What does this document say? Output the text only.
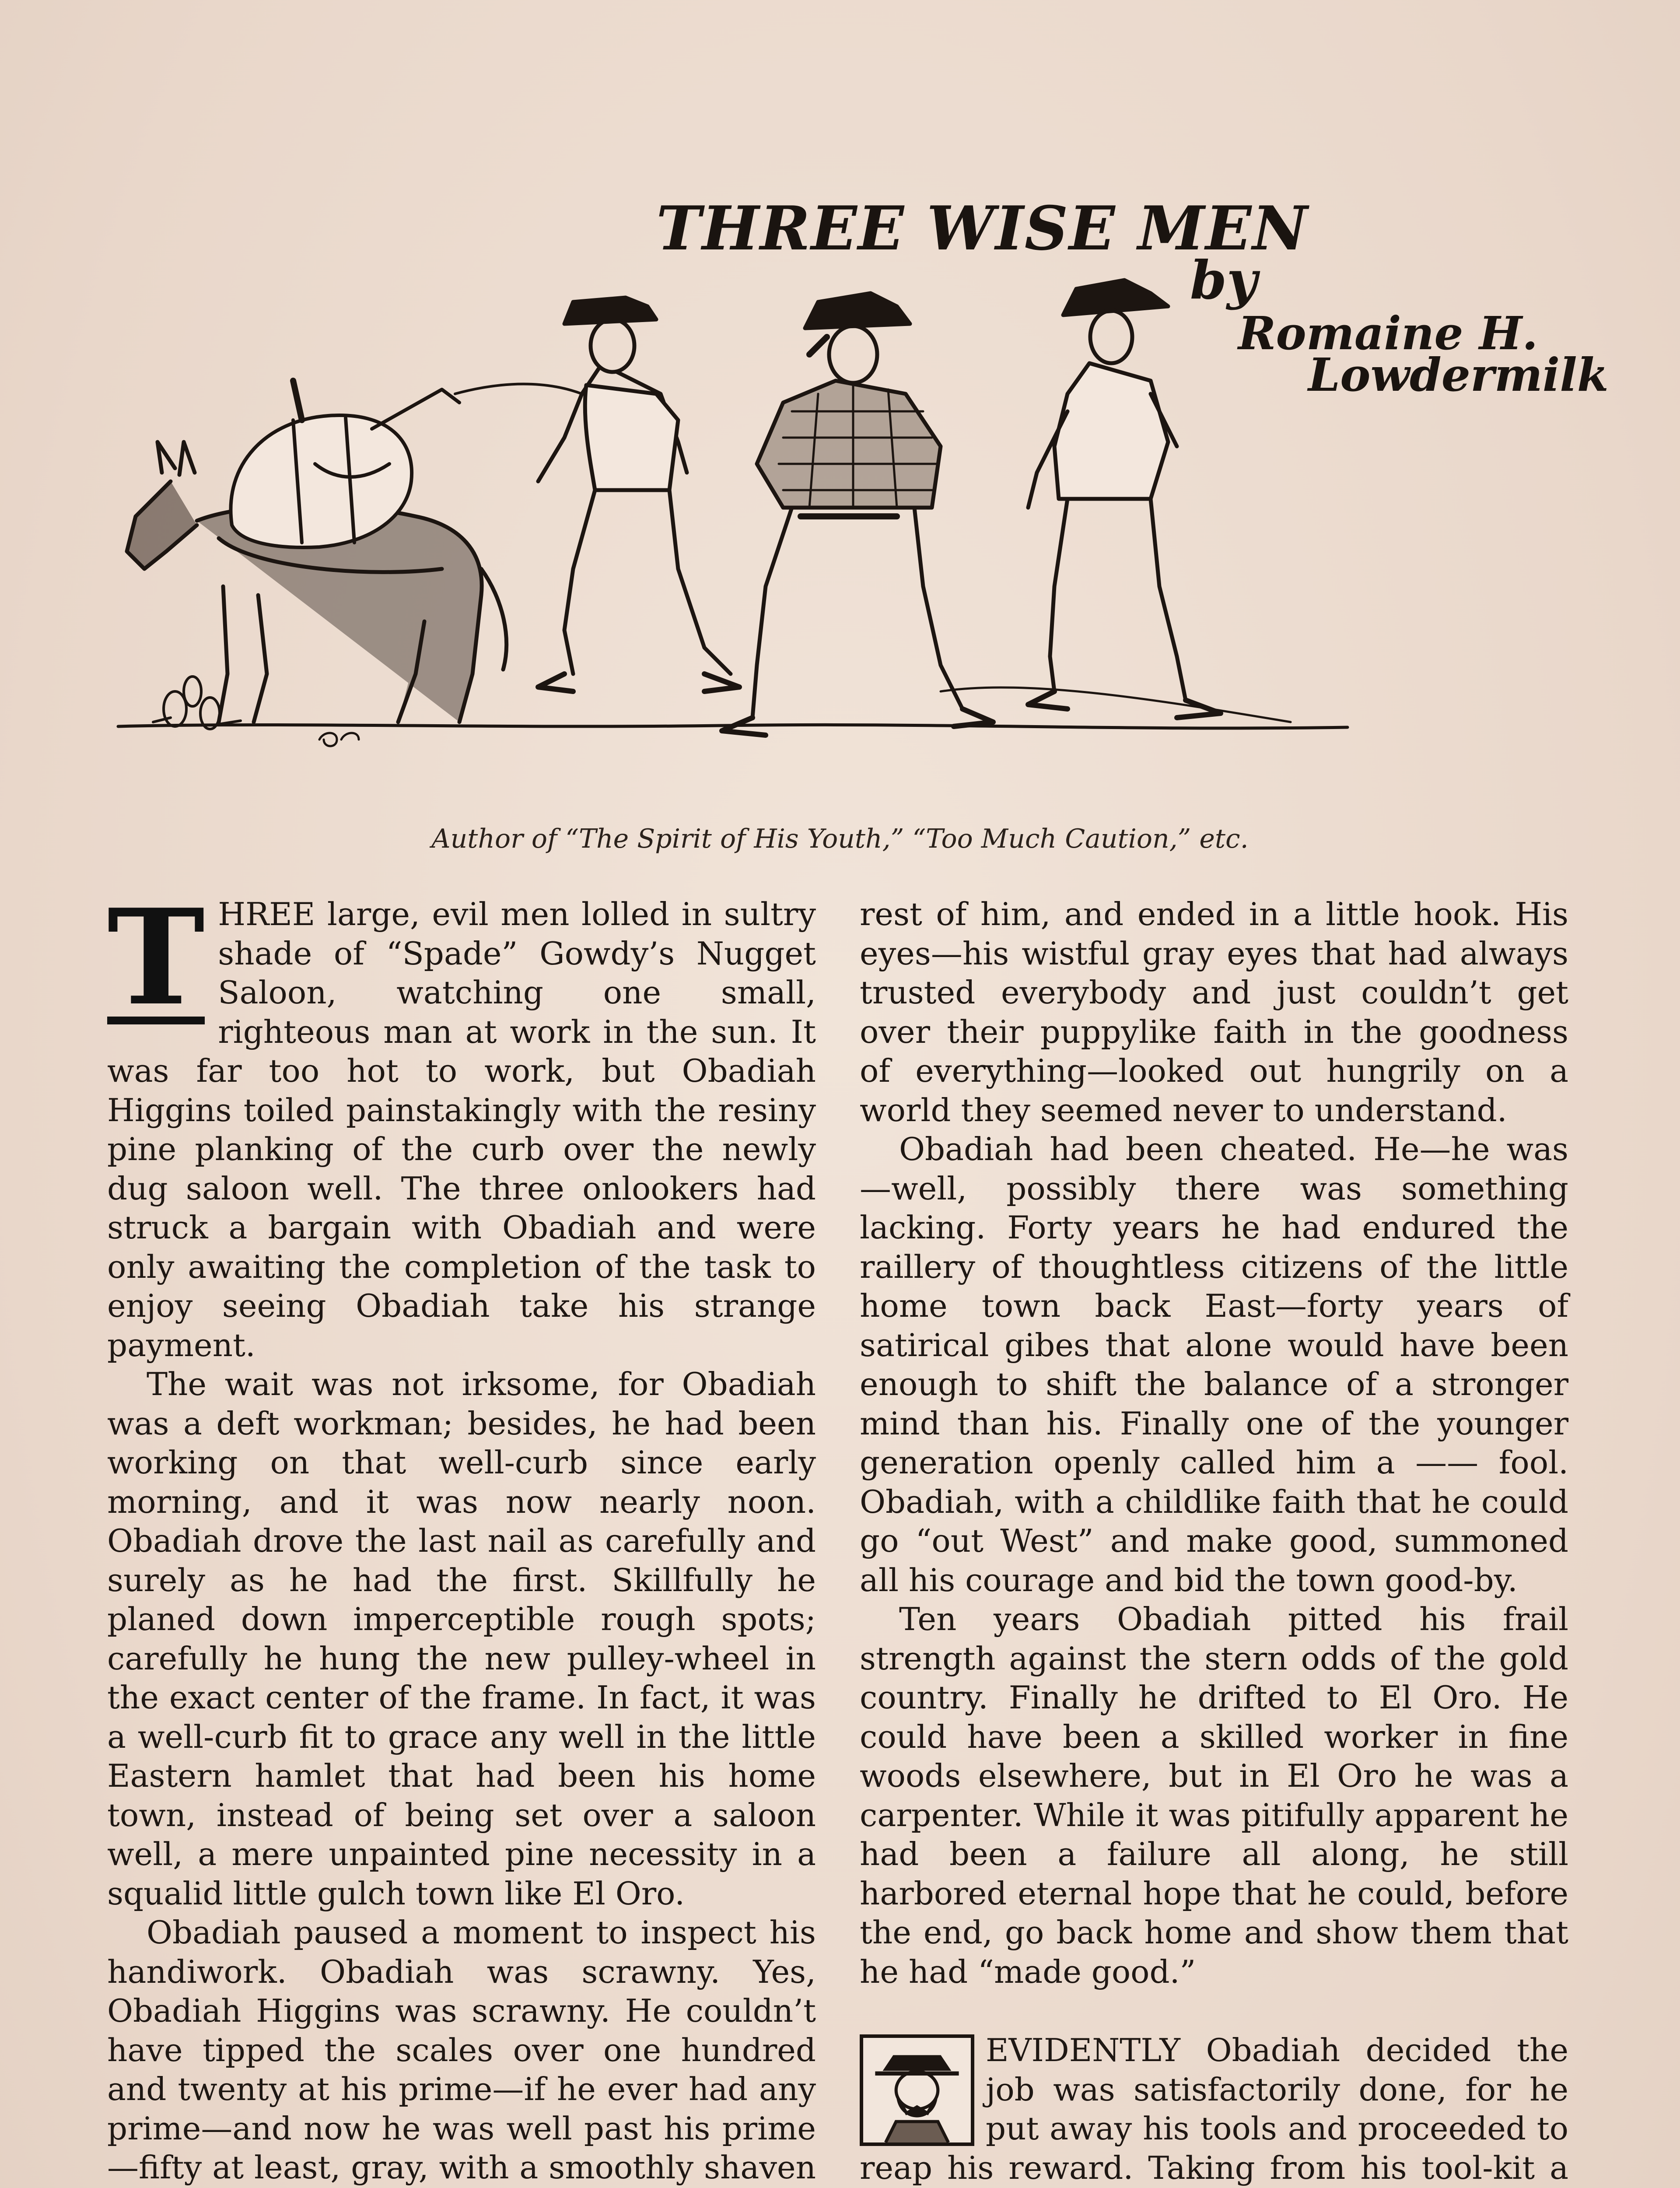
THREE WISE MEN
by
Romaine H.
Lowdermilk
Author of “The Spirit of His Youth,” “Too Much Caution,” etc.

T HREE large, evil men lolled in sultry shade of “Spade” Gowdy’s Nugget Saloon, watching one small, righteous man at work in the sun. It was far too hot to work, but Obadiah Higgins toiled painstakingly with the resiny pine planking of the curb over the newly dug saloon well. The three onlookers had struck a bargain with Obadiah and were only awaiting the completion of the task to enjoy seeing Obadiah take his strange payment.

The wait was not irksome, for Obadiah was a deft workman; besides, he had been working on that well-curb since early morning, and it was now nearly noon. Obadiah drove the last nail as carefully and surely as he had the first. Skillfully he planed down imperceptible rough spots; carefully he hung the new pulley-wheel in the exact center of the frame. In fact, it was a well-curb fit to grace any well in the little Eastern hamlet that had been his home town, instead of being set over a saloon well, a mere unpainted pine necessity in a squalid little gulch town like El Oro.

Obadiah paused a moment to inspect his handiwork. Obadiah was scrawny. Yes, Obadiah Higgins was scrawny. He couldn’t have tipped the scales over one hundred and twenty at his prime—if he ever had any prime—and now he was well past his prime—fifty at least, gray, with a smoothly shaven

rest of him, and ended in a little hook. His eyes—his wistful gray eyes that had always trusted everybody and just couldn’t get over their puppylike faith in the goodness of everything—looked out hungrily on a world they seemed never to understand.

Obadiah had been cheated. He—he was —well, possibly there was something lacking. Forty years he had endured the raillery of thoughtless citizens of the little home town back East—forty years of satirical gibes that alone would have been enough to shift the balance of a stronger mind than his. Finally one of the younger generation openly called him a —— fool. Obadiah, with a childlike faith that he could go “out West” and make good, summoned all his courage and bid the town good-by.

Ten years Obadiah pitted his frail strength against the stern odds of the gold country. Finally he drifted to El Oro. He could have been a skilled worker in fine woods elsewhere, but in El Oro he was a carpenter. While it was pitifully apparent he had been a failure all along, he still harbored eternal hope that he could, before the end, go back home and show them that he had “made good.”

EVIDENTLY Obadiah decided the job was satisfactorily done, for he put away his tools and proceeded to reap his reward. Taking from his tool-kit a
